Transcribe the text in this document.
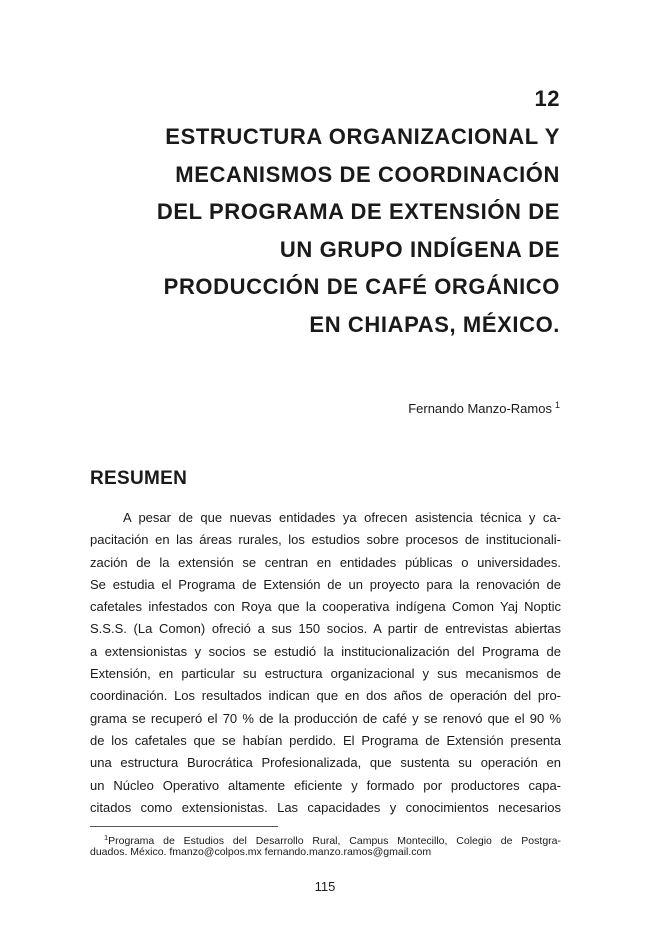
12
ESTRUCTURA ORGANIZACIONAL Y
MECANISMOS DE COORDINACIÓN
DEL PROGRAMA DE EXTENSIÓN DE
UN GRUPO INDÍGENA DE
PRODUCCIÓN DE CAFÉ ORGÁNICO
EN CHIAPAS, MÉXICO.
Fernando Manzo-Ramos $^1$
RESUMEN
A pesar de que nuevas entidades ya ofrecen asistencia técnica y ca-
pacitación en las áreas rurales, los estudios sobre procesos de institucionali-
zación de la extensión se centran en entidades públicas o universidades.
Se estudia el Programa de Extensión de un proyecto para la renovación de
cafetales infestados con Roya que la cooperativa indígena Comon Yaj Noptic
S.S.S. (La Comon) ofreció a sus 150 socios. A partir de entrevistas abiertas
a extensionistas y socios se estudió la institucionalización del Programa de
Extensión, en particular su estructura organizacional y sus mecanismos de
coordinación. Los resultados indican que en dos años de operación del pro-
grama se recuperó el 70 % de la producción de café y se renovó que el 90 %
de los cafetales que se habían perdido. El Programa de Extensión presenta
una estructura Burocrática Profesionalizada, que sustenta su operación en
un Núcleo Operativo altamente eficiente y formado por productores capa-
citados como extensionistas. Las capacidades y conocimientos necesarios
$^1$Programa de Estudios del Desarrollo Rural, Campus Montecillo, Colegio de Postgra-
duados. México. fmanzo@colpos.mx fernando.manzo.ramos@gmail.com
115
